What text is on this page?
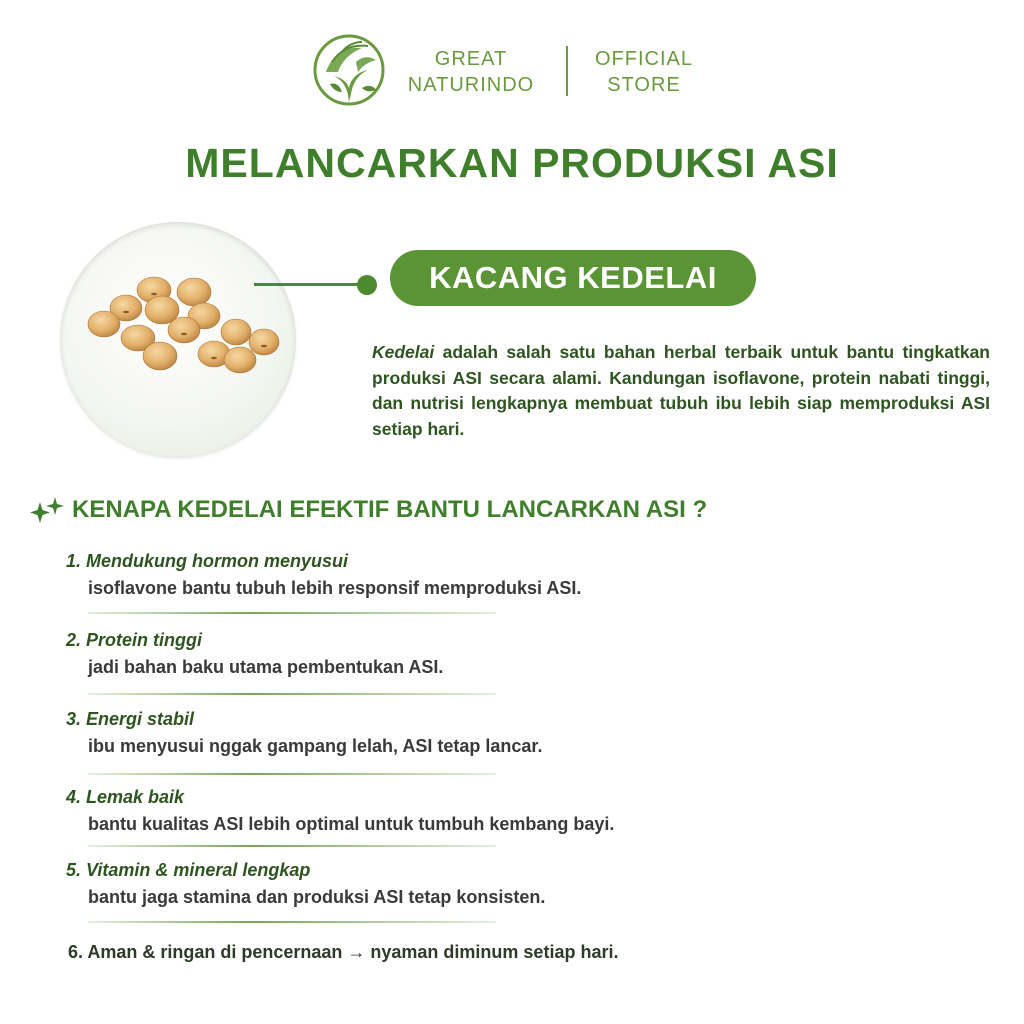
GREAT
NATURINDO
OFFICIAL
STORE
MELANCARKAN PRODUKSI ASI
KACANG KEDELAI

Kedelai adalah salah satu bahan herbal terbaik untuk bantu tingkatkan produksi ASI secara alami. Kandungan isoflavone, protein nabati tinggi, dan nutrisi lengkapnya membuat tubuh ibu lebih siap memproduksi ASI setiap hari.

KENAPA KEDELAI EFEKTIF BANTU LANCARKAN ASI ?
1. Mendukung hormon menyusui
isoflavone bantu tubuh lebih responsif memproduksi ASI.
2. Protein tinggi
jadi bahan baku utama pembentukan ASI.
3. Energi stabil
ibu menyusui nggak gampang lelah, ASI tetap lancar.
4. Lemak baik
bantu kualitas ASI lebih optimal untuk tumbuh kembang bayi.
5. Vitamin & mineral lengkap
bantu jaga stamina dan produksi ASI tetap konsisten.
6. Aman & ringan di pencernaan → nyaman diminum setiap hari.
